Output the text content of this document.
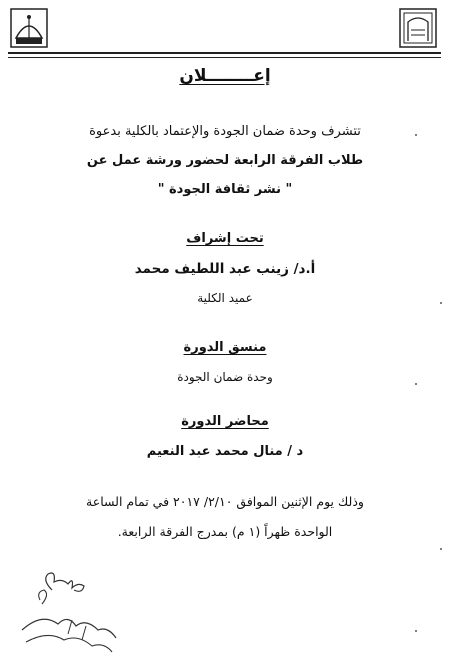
إعــــــــلان
تتشرف وحدة ضمان الجودة والإعتماد بالكلية بدعوة
طلاب الفرقة الرابعة لحضور ورشة عمل عن
" نشر ثقافة الجودة "
تحت إشراف
أ.د/ زينب عبد اللطيف محمد
عميد الكلية
منسق الدورة
وحدة ضمان الجودة
محاضر الدورة
د / منال محمد عبد النعيم
وذلك يوم الإثنين الموافق ٢/١٠/ ٢٠١٧ في تمام الساعة
الواحدة ظهراً (١ م) بمدرج الفرقة الرابعة.
